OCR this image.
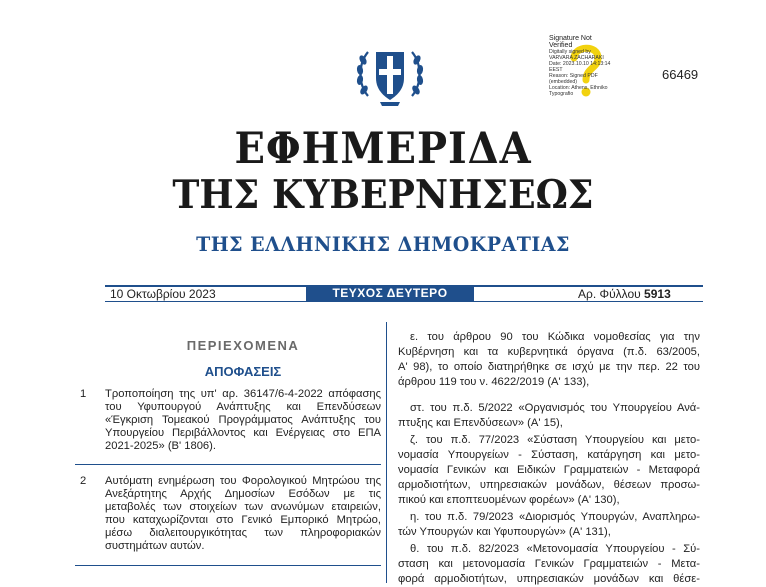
Signature Not
Verified
Digitally signed by
VARVARA ZACHARAKI
Date: 2023.10.10 14:13:14
EEST
Reason: Signed PDF
(embedded)
Location: Athens, Ethniko
Typografio
66469
ΕΦΗΜΕΡΙΔΑ
ΤΗΣ ΚΥΒΕΡΝΗΣΕΩΣ
ΤΗΣ ΕΛΛΗΝΙΚΗΣ ΔΗΜΟΚΡΑΤΙΑΣ
10 Οκτωβρίου 2023	ΤΕΥΧΟΣ ΔΕΥΤΕΡΟ	Αρ. Φύλλου 5913
ΠΕΡΙΕΧΟΜΕΝΑ
ΑΠΟΦΑΣΕΙΣ
1 Τροποποίηση της υπ' αρ. 36147/6-4-2022 απόφασης του Υφυπουργού Ανάπτυξης και Επενδύσεων «Έγκριση Τομεακού Προγράμματος Ανάπτυξης του Υπουργείου Περιβάλλοντος και Ενέργειας στο ΕΠΑ 2021-2025» (Β' 1806).
2 Αυτόματη ενημέρωση του Φορολογικού Μητρώου της Ανεξάρτητης Αρχής Δημοσίων Εσόδων με τις μεταβολές των στοιχείων των ανωνύμων εταιρειών, που καταχωρίζονται στο Γενικό Εμπορικό Μητρώο, μέσω διαλειτουργικότητας των πληροφοριακών συστημάτων αυτών.
ε. του άρθρου 90 του Κώδικα νομοθεσίας για την
Κυβέρνηση και τα κυβερνητικά όργανα (π.δ. 63/2005,
Α' 98), το οποίο διατηρήθηκε σε ισχύ με την περ. 22 του
άρθρου 119 του ν. 4622/2019 (Α' 133),
στ. του π.δ. 5/2022 «Οργανισμός του Υπουργείου Ανά-
πτυξης και Επενδύσεων» (Α' 15),
ζ. του π.δ. 77/2023 «Σύσταση Υπουργείου και μετο-
νομασία Υπουργείων - Σύσταση, κατάργηση και μετο-
νομασία Γενικών και Ειδικών Γραμματειών - Μεταφορά
αρμοδιοτήτων, υπηρεσιακών μονάδων, θέσεων προσω-
πικού και εποπτευομένων φορέων» (Α' 130),
η. του π.δ. 79/2023 «Διορισμός Υπουργών, Αναπληρω-
τών Υπουργών και Υφυπουργών» (Α' 131),
θ. του π.δ. 82/2023 «Μετονομασία Υπουργείου - Σύ-
σταση και μετονομασία Γενικών Γραμματειών - Μετα-
φορά αρμοδιοτήτων, υπηρεσιακών μονάδων και θέσε-
